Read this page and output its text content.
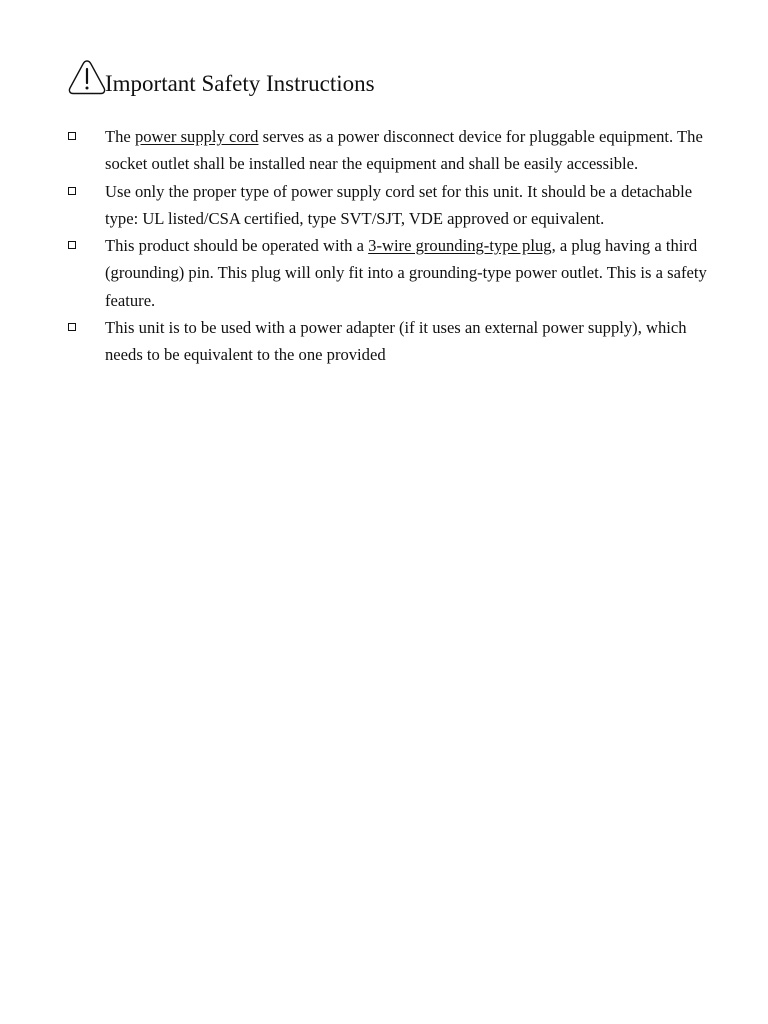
Important Safety Instructions
The power supply cord serves as a power disconnect device for pluggable equipment. The socket outlet shall be installed near the equipment and shall be easily accessible.
Use only the proper type of power supply cord set for this unit. It should be a detachable type: UL listed/CSA certified, type SVT/SJT, VDE approved or equivalent.
This product should be operated with a 3-wire grounding-type plug, a plug having a third (grounding) pin. This plug will only fit into a grounding-type power outlet. This is a safety feature.
This unit is to be used with a power adapter (if it uses an external power supply), which needs to be equivalent to the one provided
